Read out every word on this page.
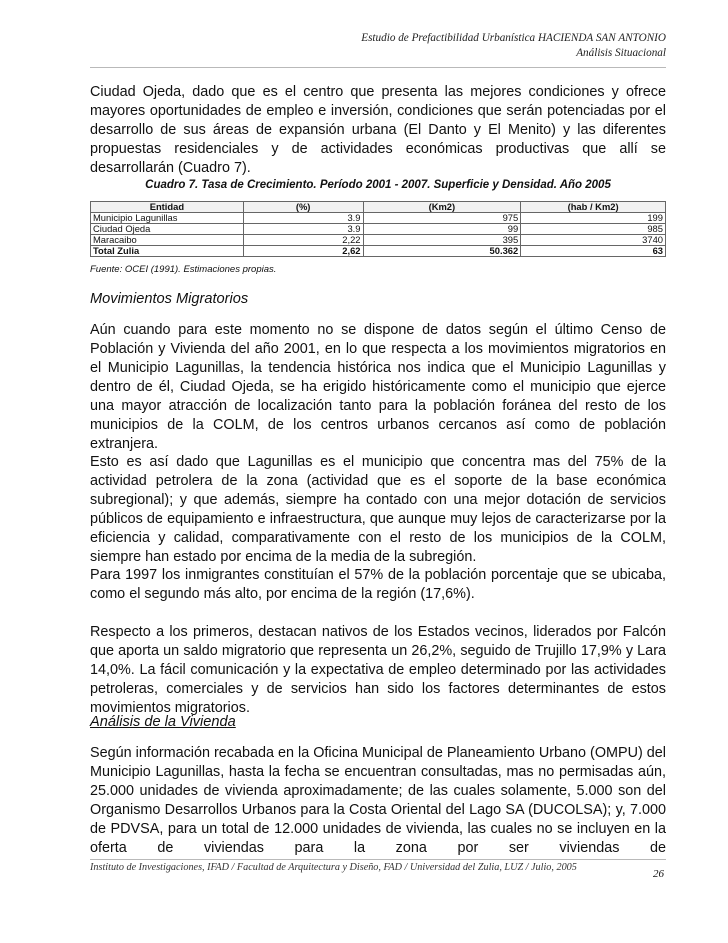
Estudio de Prefactibilidad Urbanística HACIENDA SAN ANTONIO
Análisis Situacional

Ciudad Ojeda, dado que es el centro que presenta las mejores condiciones y ofrece mayores oportunidades de empleo e inversión, condiciones que serán potenciadas por el desarrollo de sus áreas de expansión urbana (El Danto y El Menito) y las diferentes propuestas residenciales y de actividades económicas productivas que allí se desarrollarán (Cuadro 7).

Cuadro 7. Tasa de Crecimiento. Período 2001 - 2007. Superficie y Densidad. Año 2005
Entidad	(%)	(Km2)	(hab / Km2)
Municipio Lagunillas	3.9	975	199
Ciudad Ojeda	3.9	99	985
Maracaibo	2,22	395	3740
Total Zulia	2,62	50.362	63
Fuente: OCEI (1991). Estimaciones propias.

Movimientos Migratorios

Aún cuando para este momento no se dispone de datos según el último Censo de Población y Vivienda del año 2001, en lo que respecta a los movimientos migratorios en el Municipio Lagunillas, la tendencia histórica nos indica que el Municipio Lagunillas y dentro de él, Ciudad Ojeda, se ha erigido históricamente como el municipio que ejerce una mayor atracción de localización tanto para la población foránea del resto de los municipios de la COLM, de los centros urbanos cercanos así como de población extranjera.

Esto es así dado que Lagunillas es el municipio que concentra mas del 75% de la actividad petrolera de la zona (actividad que es el soporte de la base económica subregional); y que además, siempre ha contado con una mejor dotación de servicios públicos de equipamiento e infraestructura, que aunque muy lejos de caracterizarse por la eficiencia y calidad, comparativamente con el resto de los municipios de la COLM, siempre han estado por encima de la media de la subregión.

Para 1997 los inmigrantes constituían el 57% de la población porcentaje que se ubicaba, como el segundo más alto, por encima de la región (17,6%).

Respecto a los primeros, destacan nativos de los Estados vecinos, liderados por Falcón que aporta un saldo migratorio que representa un 26,2%, seguido de Trujillo 17,9% y Lara 14,0%. La fácil comunicación y la expectativa de empleo determinado por las actividades petroleras, comerciales y de servicios han sido los factores determinantes de estos movimientos migratorios.

Análisis de la Vivienda

Según información recabada en la Oficina Municipal de Planeamiento Urbano (OMPU) del Municipio Lagunillas, hasta la fecha se encuentran consultadas, mas no permisadas aún, 25.000 unidades de vivienda aproximadamente; de las cuales solamente, 5.000 son del Organismo Desarrollos Urbanos para la Costa Oriental del Lago SA (DUCOLSA); y, 7.000 de PDVSA, para un total de 12.000 unidades de vivienda, las cuales no se incluyen en la oferta de viviendas para la zona por ser viviendas de

Instituto de Investigaciones, IFAD / Facultad de Arquitectura y Diseño, FAD / Universidad del Zulia, LUZ / Julio, 2005
26
